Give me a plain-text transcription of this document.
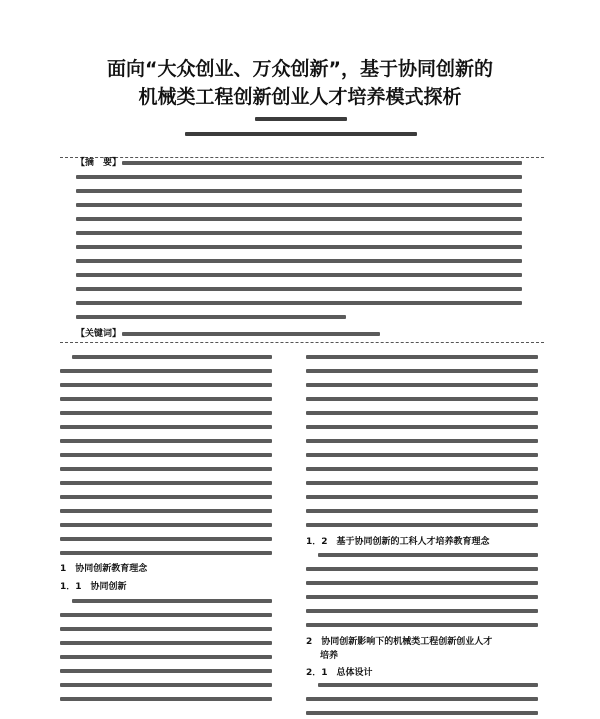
面向“大众创业、万众创新”，基于协同创新的
机械类工程创新创业人才培养模式探析
【摘　要】
【关键词】
1　协同创新教育理念
1．1　协同创新
1．2　基于协同创新的工科人才培养教育理念
2　协同创新影响下的机械类工程创新创业人才
培养
2．1　总体设计
